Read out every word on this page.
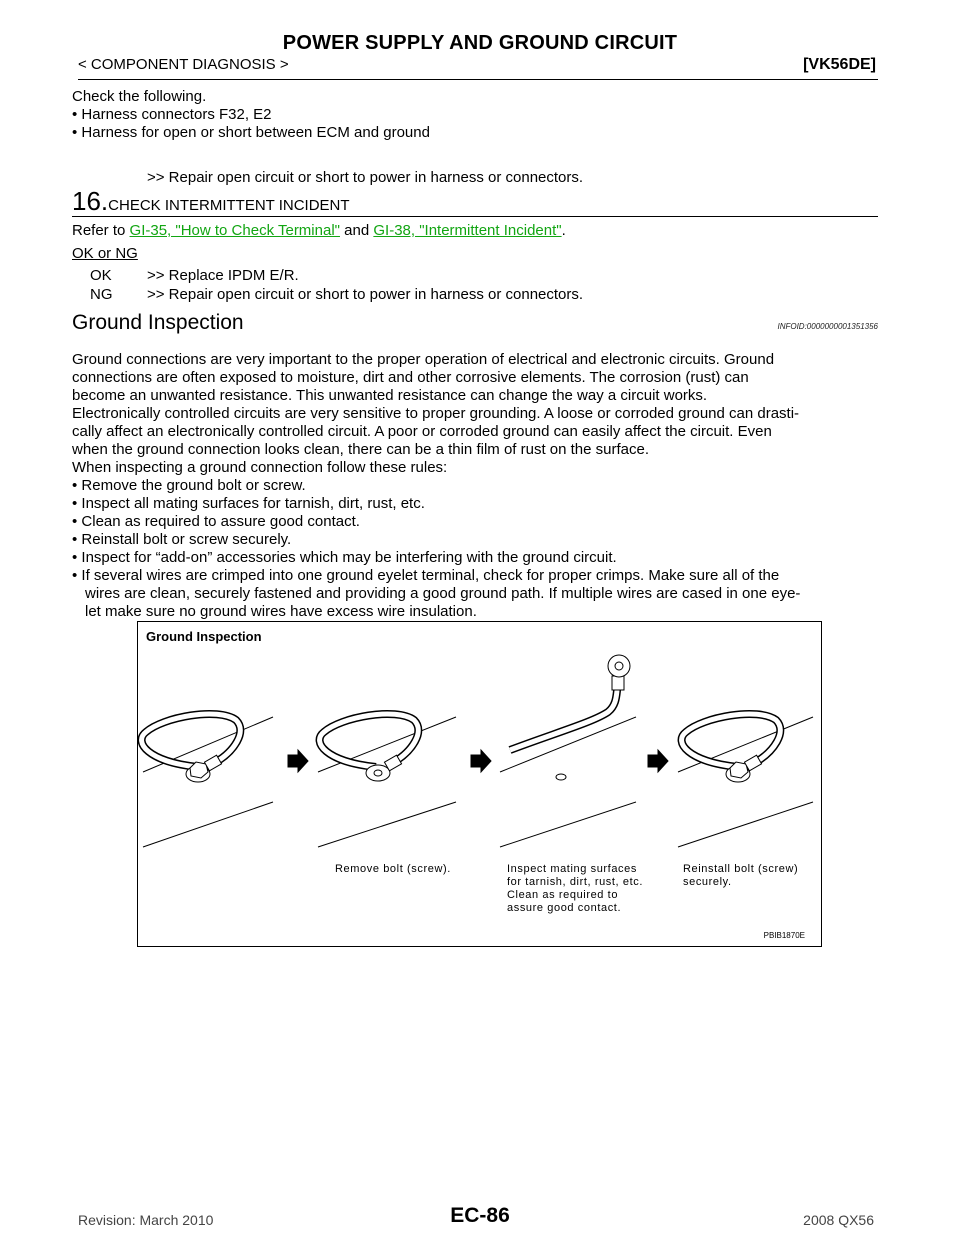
POWER SUPPLY AND GROUND CIRCUIT
< COMPONENT DIAGNOSIS >	[VK56DE]
Check the following.
• Harness connectors F32, E2
• Harness for open or short between ECM and ground
>> Repair open circuit or short to power in harness or connectors.
16.CHECK INTERMITTENT INCIDENT
Refer to GI-35, "How to Check Terminal" and GI-38, "Intermittent Incident".
OK or NG
OK >> Replace IPDM E/R.
NG >> Repair open circuit or short to power in harness or connectors.
Ground Inspection	INFOID:0000000001351356
Ground connections are very important to the proper operation of electrical and electronic circuits. Ground
connections are often exposed to moisture, dirt and other corrosive elements. The corrosion (rust) can
become an unwanted resistance. This unwanted resistance can change the way a circuit works.
Electronically controlled circuits are very sensitive to proper grounding. A loose or corroded ground can drasti-
cally affect an electronically controlled circuit. A poor or corroded ground can easily affect the circuit. Even
when the ground connection looks clean, there can be a thin film of rust on the surface.
When inspecting a ground connection follow these rules:
• Remove the ground bolt or screw.
• Inspect all mating surfaces for tarnish, dirt, rust, etc.
• Clean as required to assure good contact.
• Reinstall bolt or screw securely.
• Inspect for “add-on” accessories which may be interfering with the ground circuit.
• If several wires are crimped into one ground eyelet terminal, check for proper crimps. Make sure all of the
wires are clean, securely fastened and providing a good ground path. If multiple wires are cased in one eye-
let make sure no ground wires have excess wire insulation.
Ground Inspection
Remove bolt (screw).	Inspect mating surfaces
for tarnish, dirt, rust, etc.
Clean as required to
assure good contact.
Reinstall bolt (screw)
securely.
PBIB1870E
Revision: March 2010	EC-86	2008 QX56
